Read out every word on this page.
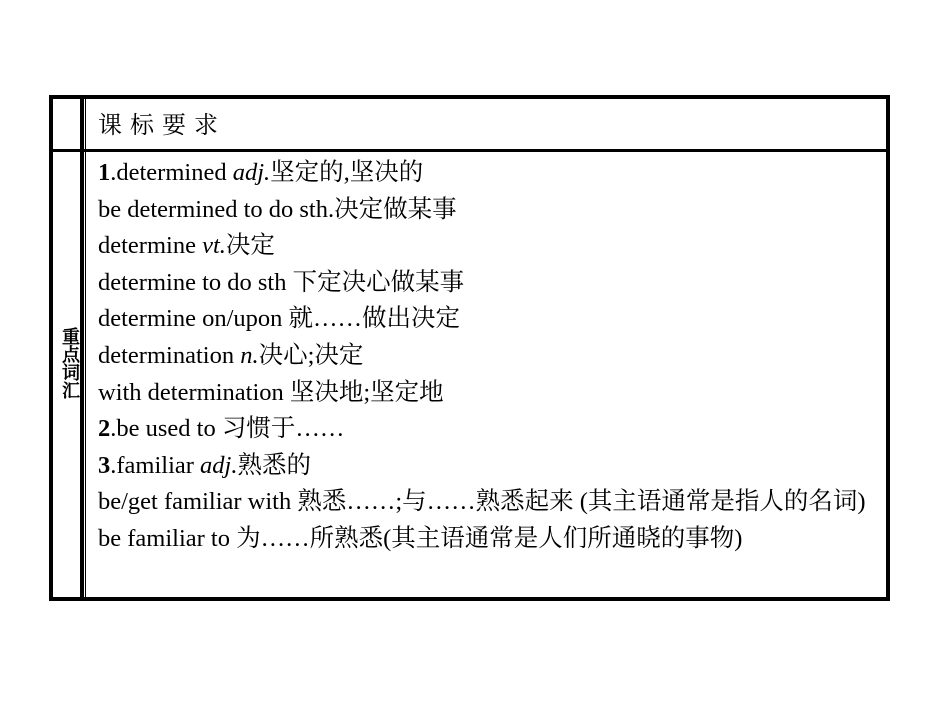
课标要求
重点词汇
1.determined adj.坚定的,坚决的
be determined to do sth.决定做某事
determine vt.决定
determine to do sth 下定决心做某事
determine on/upon 就……做出决定
determination n.决心;决定
with determination 坚决地;坚定地
2.be used to 习惯于……
3.familiar adj.熟悉的
be/get familiar with 熟悉……;与……熟悉起来 (其主语通常是指人的名词)
be familiar to 为……所熟悉(其主语通常是人们所通晓的事物)
